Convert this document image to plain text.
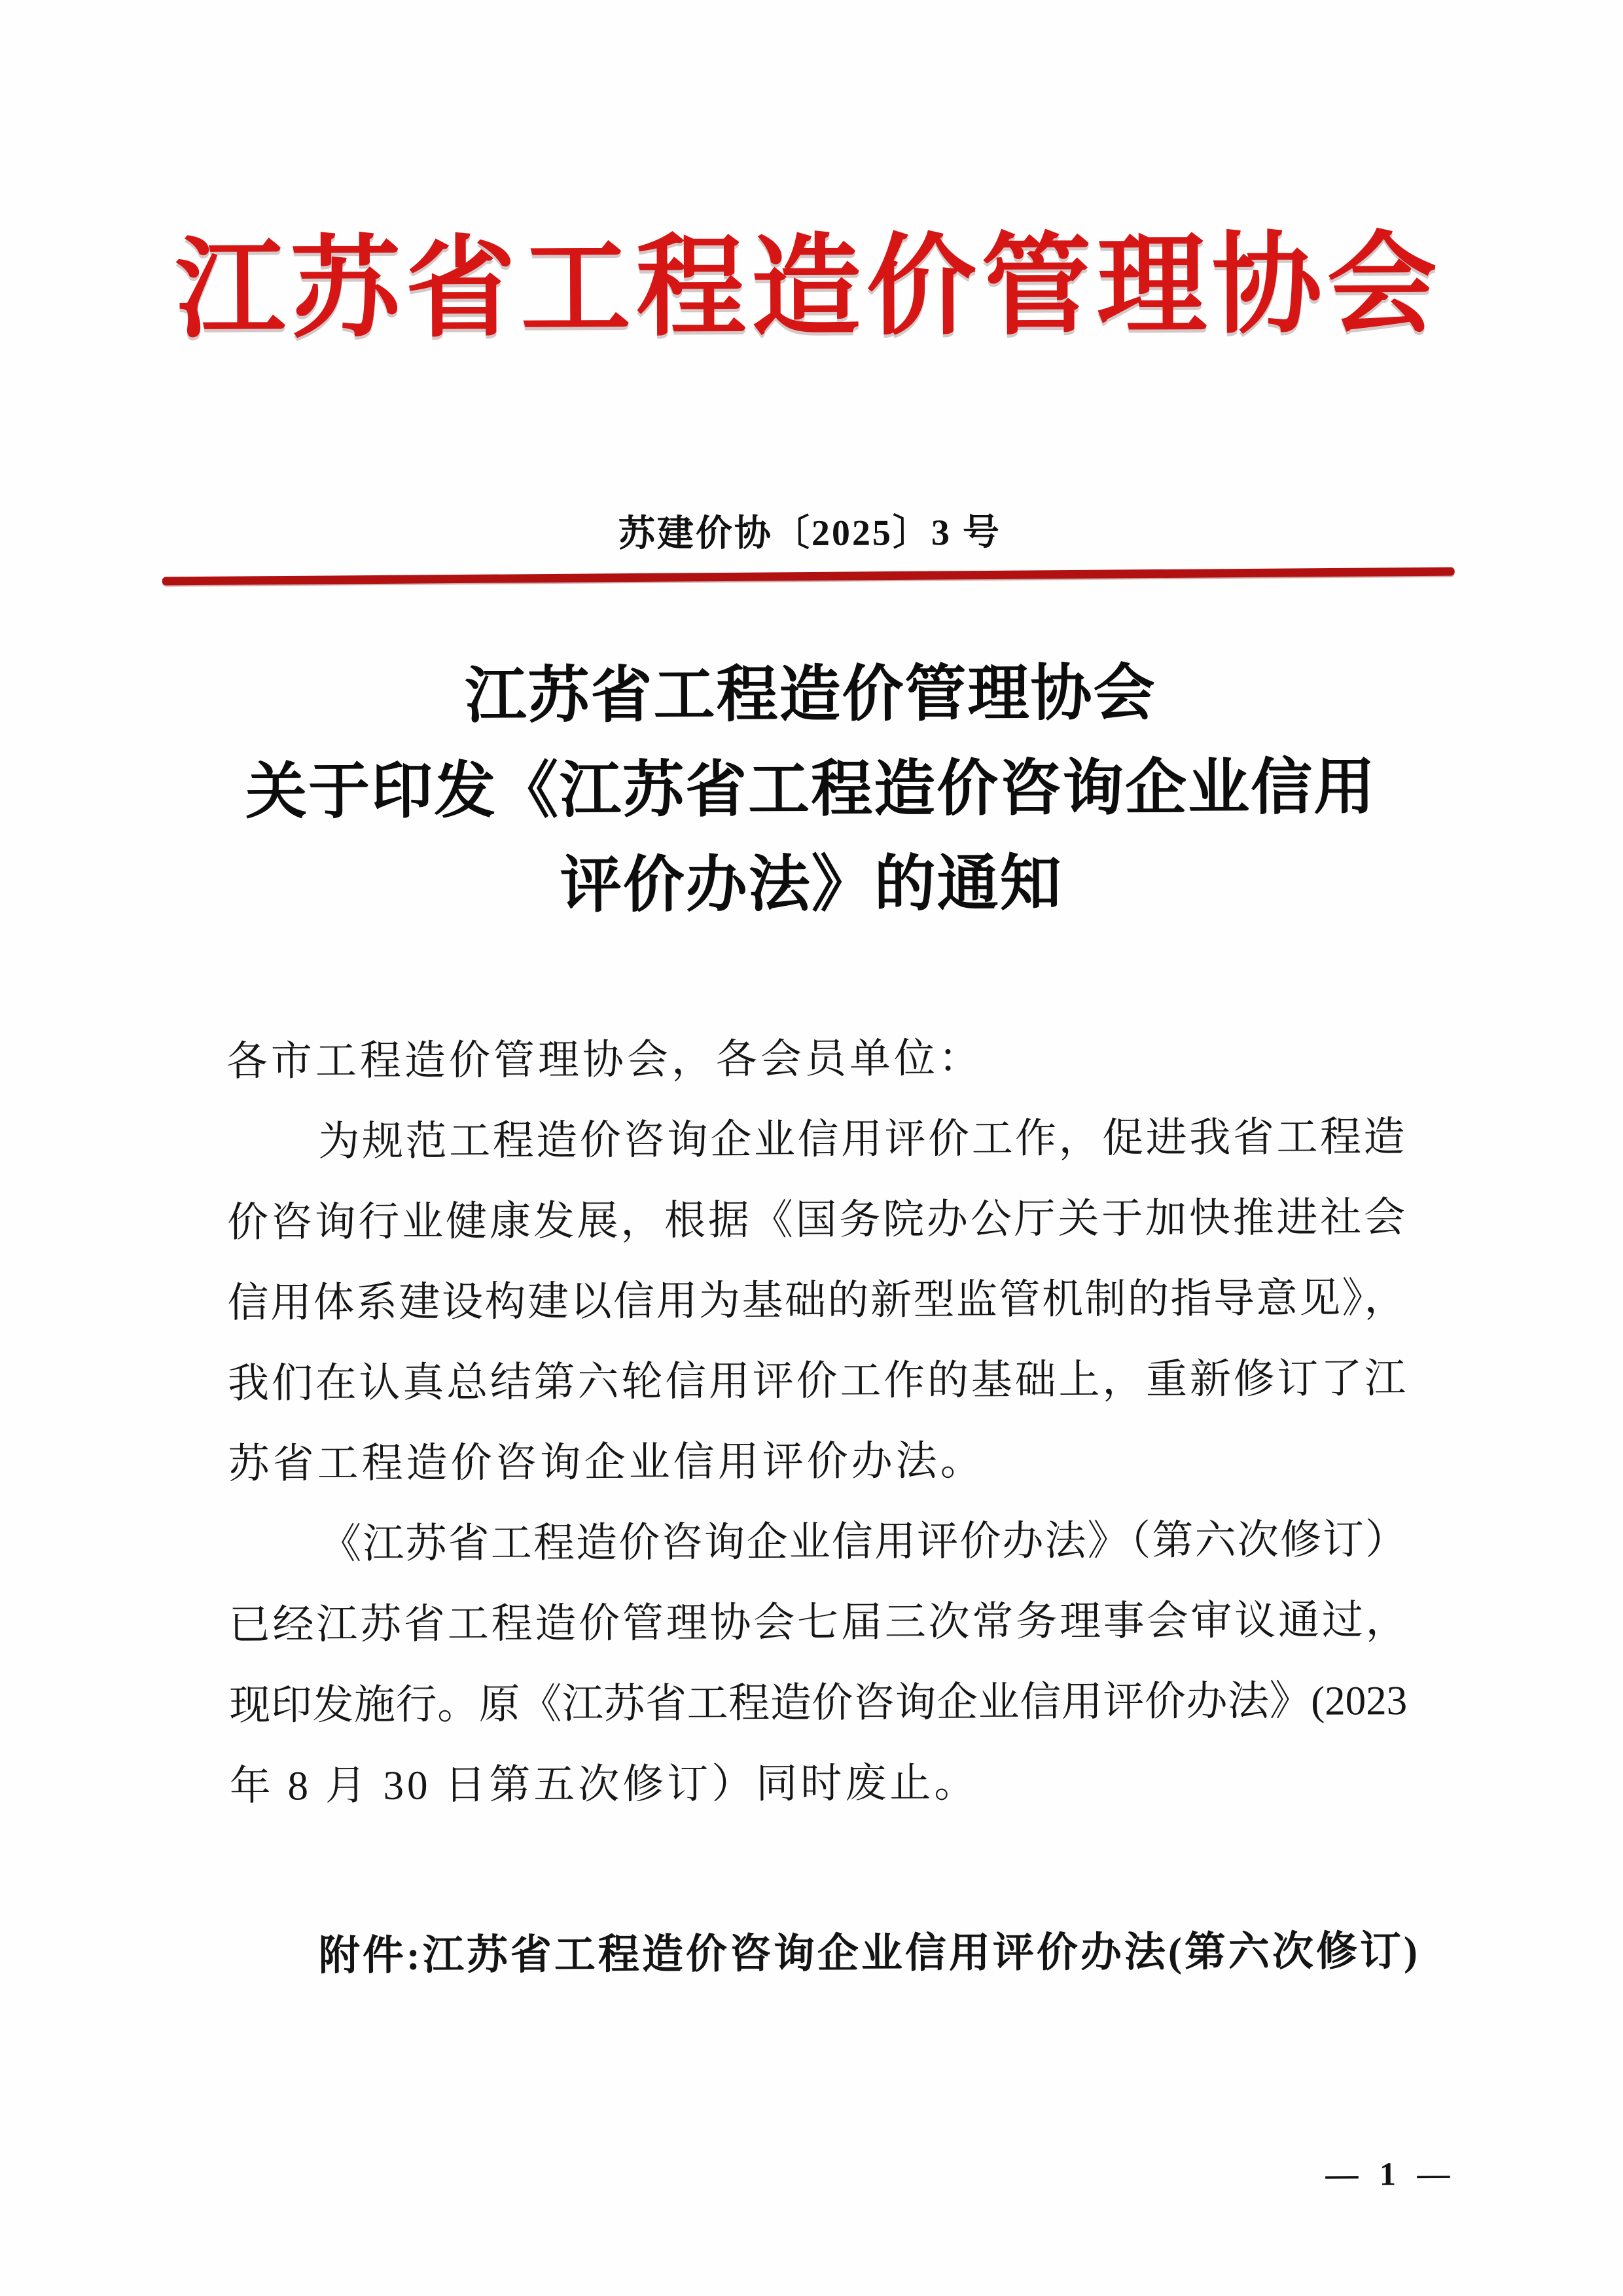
江苏省工程造价管理协会
苏建价协〔2025〕3 号
江苏省工程造价管理协会
关于印发《江苏省工程造价咨询企业信用
评价办法》的通知
各市工程造价管理协会，各会员单位：
为规范工程造价咨询企业信用评价工作，促进我省工程造
价咨询行业健康发展，根据《国务院办公厅关于加快推进社会
信用体系建设构建以信用为基础的新型监管机制的指导意见》，
我们在认真总结第六轮信用评价工作的基础上，重新修订了江
苏省工程造价咨询企业信用评价办法。
《江苏省工程造价咨询企业信用评价办法》（第六次修订）
已经江苏省工程造价管理协会七届三次常务理事会审议通过，
现印发施行。原《江苏省工程造价咨询企业信用评价办法》(2023
年 8 月 30 日第五次修订）同时废止。
附件:江苏省工程造价咨询企业信用评价办法(第六次修订)
— 1 —
